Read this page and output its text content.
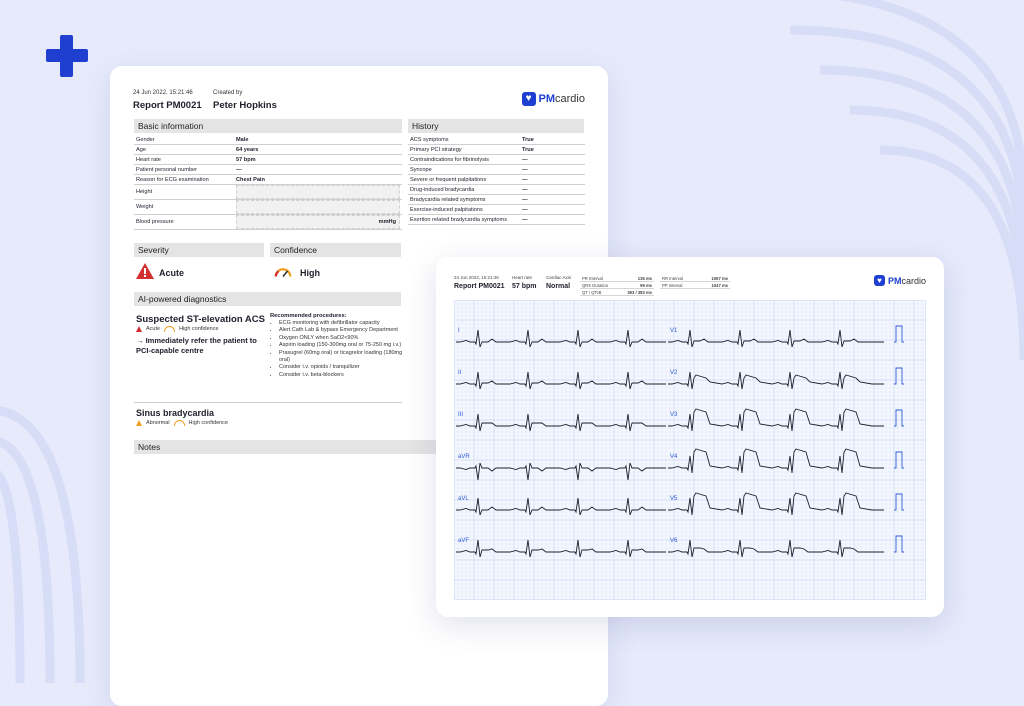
24 Jun 2022, 15:21:46	Created by
Report PM0021 Peter Hopkins
♥ PM cardio
Basic information
Gender	Male
Age	64 years
Heart rate	57 bpm
Patient personal number	—
Reason for ECG examination	Chest Pain
Height	

Weight	

Blood pressure	mmHg
History
ACS symptoms	True
Primary PCI strategy	True
Contraindications for fibrinolysis	—
Syncope	—
Severe or frequent palpitations	—
Drug-induced bradycardia	—
Bradycardia related symptoms	—
Exercise-induced palpitations	—
Exertion related bradycardia symptoms	—
Severity	Confidence
Acute	High
AI-powered diagnostics
Suspected ST-elevation ACS
Acute	High confidence
→ Immediately refer the patient to PCI-capable centre
Recommended procedures:
• ECG monitoring with defibrillator capacity
• Alert Cath Lab & bypass Emergency Department
• Oxygen ONLY when SaO2<90%
• Aspirin loading (150-300mg oral or 75-250 mg i.v.)
• Prasugrel (60mg oral) or ticagrelor loading (180mg oral)
• Consider i.v. opioids / tranquilizer
• Consider i.v. beta-blockers
Sinus bradycardia
Abnormal	High confidence
Notes
24 Jun 2022, 15:21:46
Report PM0021
Heart rate
57 bpm
Cardiac Axis
Normal
PR Interval	136 ms
QRS Duration	99 ms
QT / QTcB	393 / 383 ms
RR Interval	1067 ms
PP Interval	1047 ms	♥ PM cardio
I
II
III
aVR
aVL
aVF
V1
V2
V3
V4
V5
V6
